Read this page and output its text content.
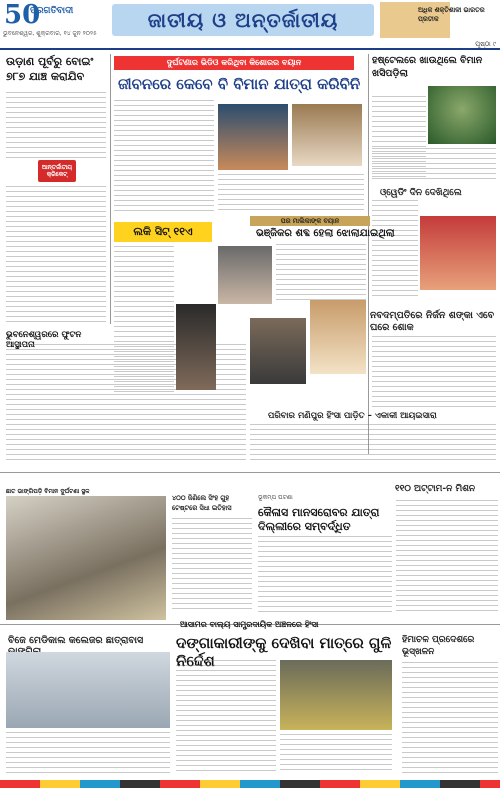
50
ପ୍ରଗତିବାଦୀ
ଭୁବନେଶ୍ୱର, ଶୁକ୍ରବାର, ୧୪ ଜୁନ ୨୦୨୫
ଜାତୀୟ ଓ ଅନ୍ତର୍ଜାତୀୟ	ଅଧିକ ଶକ୍ତିଶାଳୀ ଭାରତର ପ୍ରତୀକ
ପୃଷ୍ଠା ୯
ଉଡ଼ାଣ ପୂର୍ବରୁ ବୋଇଂ ୭୮୭ ଯାଞ୍ଚ କରାଯିବ
ଆନ୍ତର୍ଜାତୀୟ କ୍ରିକେଟ୍
ଭୁବନେଶ୍ୱରରେ ଫୁଟନ ଆସ୍ଥାପନା
ଦୁର୍ଘଟଣାର ଭିଡିଓ କରିଥିବା କିଶୋରର ବୟାନ
ଜୀବନରେ କେବେ ବି ବିମାନ ଯାତ୍ରା କରିବିନି
ହଷ୍ଟେଲରେ ଖାଉଥିଲେ ବିମାନ ଖସିପଡ଼ିଲା
ଓ୍ୱେଡିଂ ଦିନ ଦେଖିଥିଲେ
ନବଦମ୍ପତିରେ ନିର୍ଜନ ଶଙ୍କା ଏବେ ଘରେ ଶୋକ
ଲକି ସିଟ୍ ୧୧ଏ
ପର ମାଲିକାଙ୍କ ବୟାନ
ଭଞ୍ଜିକର ଶବ୍ଦ ହେଲା ଝୋଲାଯାଇଥିଲା
ପରିବାର ମଣିପୁର ହିଂସା ପାଡ଼ିତ – ଏକାକୀ ଆୟଇସାରା
ଛାତ ଭାଙ୍ଗିପଡ଼ି ବିମାନ ଦୁର୍ଘଟଣା ସ୍ଥଳ
୪୦୦ ଜିଣିଲେ ସିଂହ ଗୁହ
ଟେଷ୍ଟରେ ସିଧା ଇତିହାସ
ଭୂକମ୍ପ ଘଟଣା
କୈଳାସ ମାନସରୋବର ଯାତ୍ରା ଦିଲ୍ଲୀରେ ସମ୍ବର୍ଦ୍ଧିତ
୧୧୦ ଅଟ୍ଟାମ-ନ ମିଶନ
ବିଜେ ମେଡିକାଲ କଲେଜର ଛାତ୍ରାବାସ
ଆସାମର ବାଲ୍ୟ ସାମ୍ପ୍ରଦାୟିକ ଅଞ୍ଚଳରେ ହିଂସା
ଦଙ୍ଗାକାରୀଙ୍କୁ ଦେଖିବା ମାତ୍ରେ ଗୁଳି ନିର୍ଦ୍ଦେଶ
ହିମାଚଳ ପ୍ରଦେଶରେ ଭୂସ୍ଖଳନ
